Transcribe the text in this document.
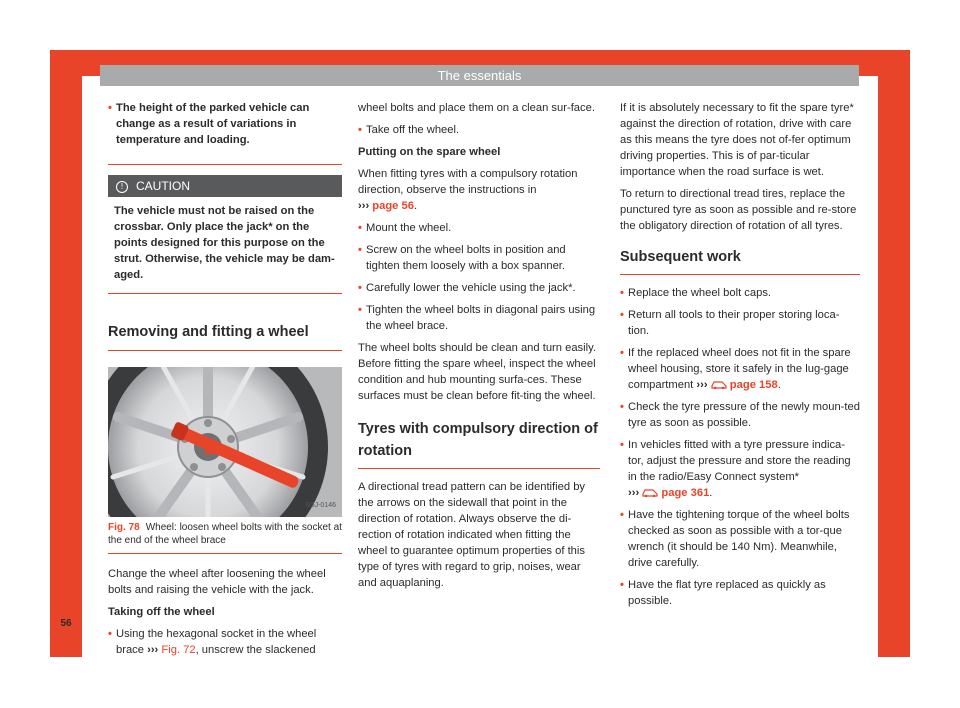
The essentials
56
• The height of the parked vehicle can change as a result of variations in temperature and loading.
! CAUTION
The vehicle must not be raised on the crossbar. Only place the jack* on the points designed for this purpose on the strut. Otherwise, the vehicle may be dam-aged.
Removing and fitting a wheel
B5J-0146
Fig. 78 Wheel: loosen wheel bolts with the socket at the end of the wheel brace

Change the wheel after loosening the wheel bolts and raising the vehicle with the jack.

Taking off the wheel

• Using the hexagonal socket in the wheel brace ››› Fig. 72, unscrew the slackened

wheel bolts and place them on a clean sur-face.

• Take off the wheel.

Putting on the spare wheel

When fitting tyres with a compulsory rotation direction, observe the instructions in
››› page 56.

• Mount the wheel.
• Screw on the wheel bolts in position and tighten them loosely with a box spanner.
• Carefully lower the vehicle using the jack*.
• Tighten the wheel bolts in diagonal pairs using the wheel brace.

The wheel bolts should be clean and turn easily. Before fitting the spare wheel, inspect the wheel condition and hub mounting surfa-ces. These surfaces must be clean before fit-ting the wheel.

Tyres with compulsory direction of rotation

A directional tread pattern can be identified by the arrows on the sidewall that point in the direction of rotation. Always observe the di-rection of rotation indicated when fitting the wheel to guarantee optimum properties of this type of tyres with regard to grip, noises, wear and aquaplaning.

If it is absolutely necessary to fit the spare tyre* against the direction of rotation, drive with care as this means the tyre does not of-fer optimum driving properties. This is of par-ticular importance when the road surface is wet.

To return to directional tread tires, replace the punctured tyre as soon as possible and re-store the obligatory direction of rotation of all tyres.

Subsequent work
• Replace the wheel bolt caps.
• Return all tools to their proper storing loca-tion.
• If the replaced wheel does not fit in the spare wheel housing, store it safely in the lug-gage compartment ›››  page 158.
• Check the tyre pressure of the newly moun-ted tyre as soon as possible.
• In vehicles fitted with a tyre pressure indica-tor, adjust the pressure and store the reading in the radio/Easy Connect system*
›››  page 361.
• Have the tightening torque of the wheel bolts checked as soon as possible with a tor-que wrench (it should be 140 Nm). Meanwhile, drive carefully.
• Have the flat tyre replaced as quickly as possible.
